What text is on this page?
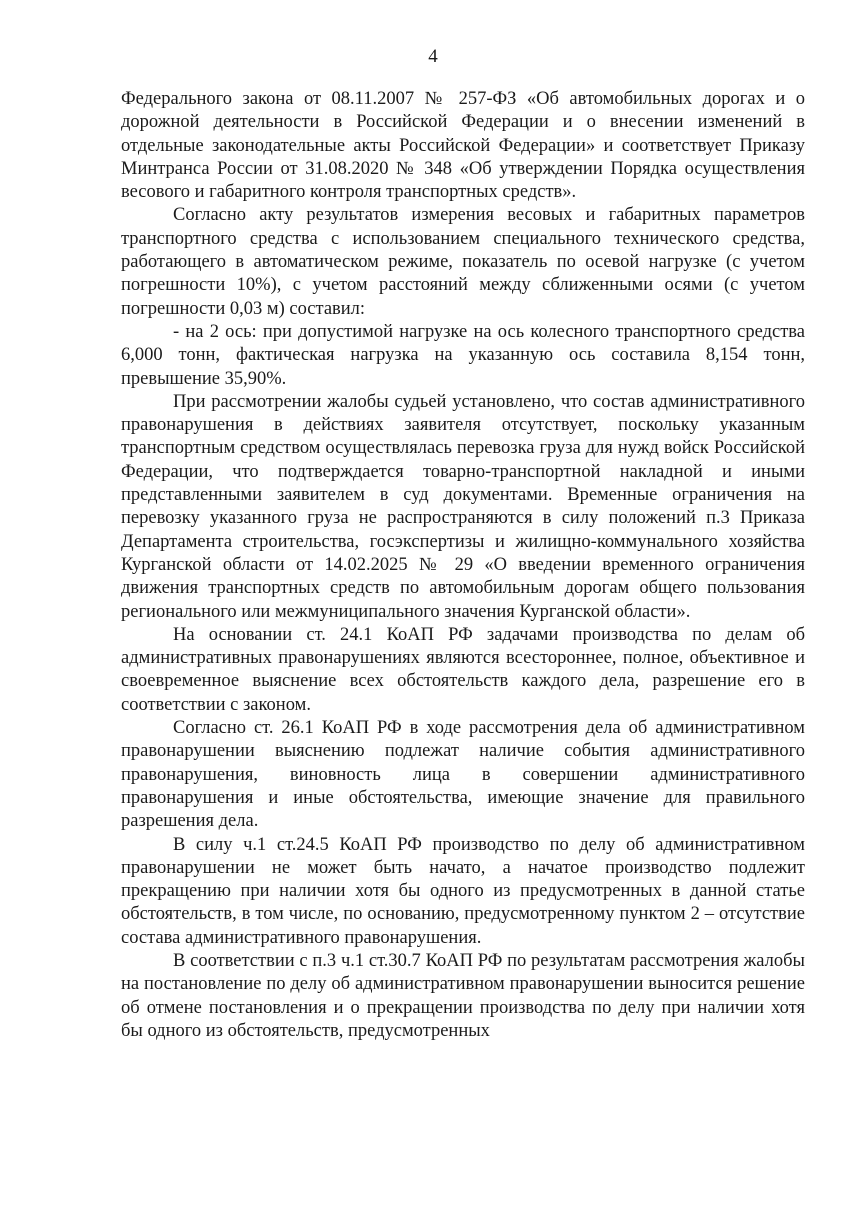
4

Федерального закона от 08.11.2007 № 257-ФЗ «Об автомобильных дорогах и о дорожной деятельности в Российской Федерации и о внесении изменений в отдельные законодательные акты Российской Федерации» и соответствует Приказу Минтранса России от 31.08.2020 № 348 «Об утверждении Порядка осуществления весового и габаритного контроля транспортных средств».

Согласно акту результатов измерения весовых и габаритных параметров транспортного средства с использованием специального технического средства, работающего в автоматическом режиме, показатель по осевой нагрузке (с учетом погрешности 10%), с учетом расстояний между сближенными осями (с учетом погрешности 0,03 м) составил:

- на 2 ось: при допустимой нагрузке на ось колесного транспортного средства 6,000 тонн, фактическая нагрузка на указанную ось составила 8,154 тонн, превышение 35,90%.

При рассмотрении жалобы судьей установлено, что состав административного правонарушения в действиях заявителя отсутствует, поскольку указанным транспортным средством осуществлялась перевозка груза для нужд войск Российской Федерации, что подтверждается товарно-транспортной накладной и иными представленными заявителем в суд документами. Временные ограничения на перевозку указанного груза не распространяются в силу положений п.3 Приказа Департамента строительства, госэкспертизы и жилищно-коммунального хозяйства Курганской области от 14.02.2025 № 29 «О введении временного ограничения движения транспортных средств по автомобильным дорогам общего пользования регионального или межмуниципального значения Курганской области».

На основании ст. 24.1 КоАП РФ задачами производства по делам об административных правонарушениях являются всестороннее, полное, объективное и своевременное выяснение всех обстоятельств каждого дела, разрешение его в соответствии с законом.

Согласно ст. 26.1 КоАП РФ в ходе рассмотрения дела об административном правонарушении выяснению подлежат наличие события административного правонарушения, виновность лица в совершении административного правонарушения и иные обстоятельства, имеющие значение для правильного разрешения дела.

В силу ч.1 ст.24.5 КоАП РФ производство по делу об административном правонарушении не может быть начато, а начатое производство подлежит прекращению при наличии хотя бы одного из предусмотренных в данной статье обстоятельств, в том числе, по основанию, предусмотренному пунктом 2 – отсутствие состава административного правонарушения.

В соответствии с п.3 ч.1 ст.30.7 КоАП РФ по результатам рассмотрения жалобы на постановление по делу об административном правонарушении выносится решение об отмене постановления и о прекращении производства по делу при наличии хотя бы одного из обстоятельств, предусмотренных
